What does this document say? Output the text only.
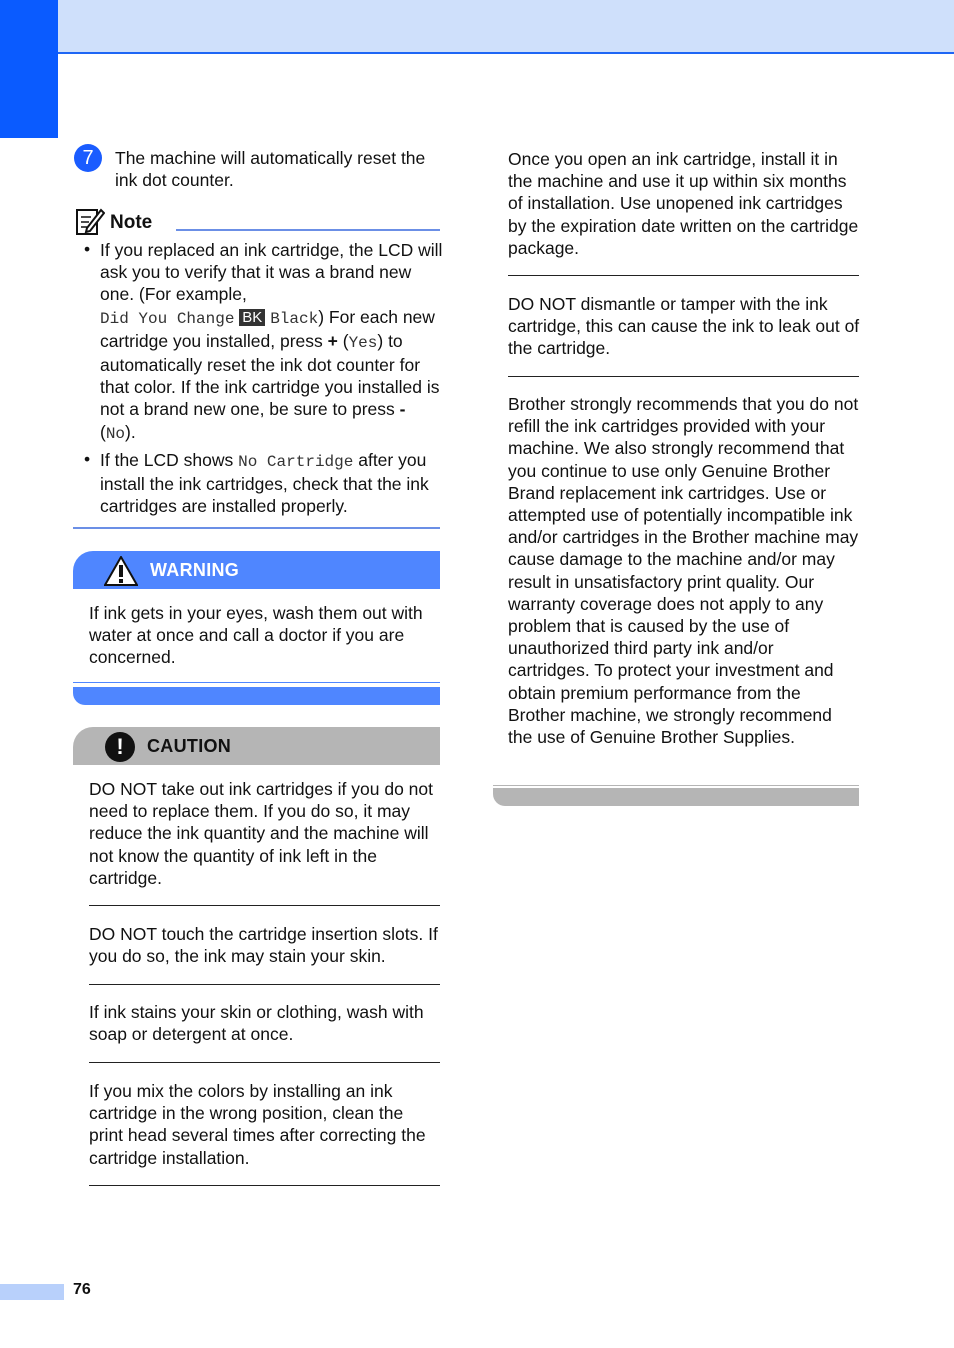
7	The machine will automatically reset the ink dot counter.

Note
• If you replaced an ink cartridge, the LCD will ask you to verify that it was a brand new one. (For example,
Did You Change BK Black) For each new cartridge you installed, press + (Yes) to automatically reset the ink dot counter for that color. If the ink cartridge you installed is not a brand new one, be sure to press - (No).

• If the LCD shows No Cartridge after you install the ink cartridges, check that the ink cartridges are installed properly.

WARNING

If ink gets in your eyes, wash them out with water at once and call a doctor if you are concerned.

!	CAUTION

DO NOT take out ink cartridges if you do not need to replace them. If you do so, it may reduce the ink quantity and the machine will not know the quantity of ink left in the cartridge.

DO NOT touch the cartridge insertion slots. If you do so, the ink may stain your skin.

If ink stains your skin or clothing, wash with soap or detergent at once.

If you mix the colors by installing an ink cartridge in the wrong position, clean the print head several times after correcting the cartridge installation.

Once you open an ink cartridge, install it in the machine and use it up within six months of installation. Use unopened ink cartridges by the expiration date written on the cartridge package.

DO NOT dismantle or tamper with the ink cartridge, this can cause the ink to leak out of the cartridge.

Brother strongly recommends that you do not refill the ink cartridges provided with your machine. We also strongly recommend that you continue to use only Genuine Brother Brand replacement ink cartridges. Use or attempted use of potentially incompatible ink and/or cartridges in the Brother machine may cause damage to the machine and/or may result in unsatisfactory print quality. Our warranty coverage does not apply to any problem that is caused by the use of unauthorized third party ink and/or cartridges. To protect your investment and obtain premium performance from the Brother machine, we strongly recommend the use of Genuine Brother Supplies.

76
